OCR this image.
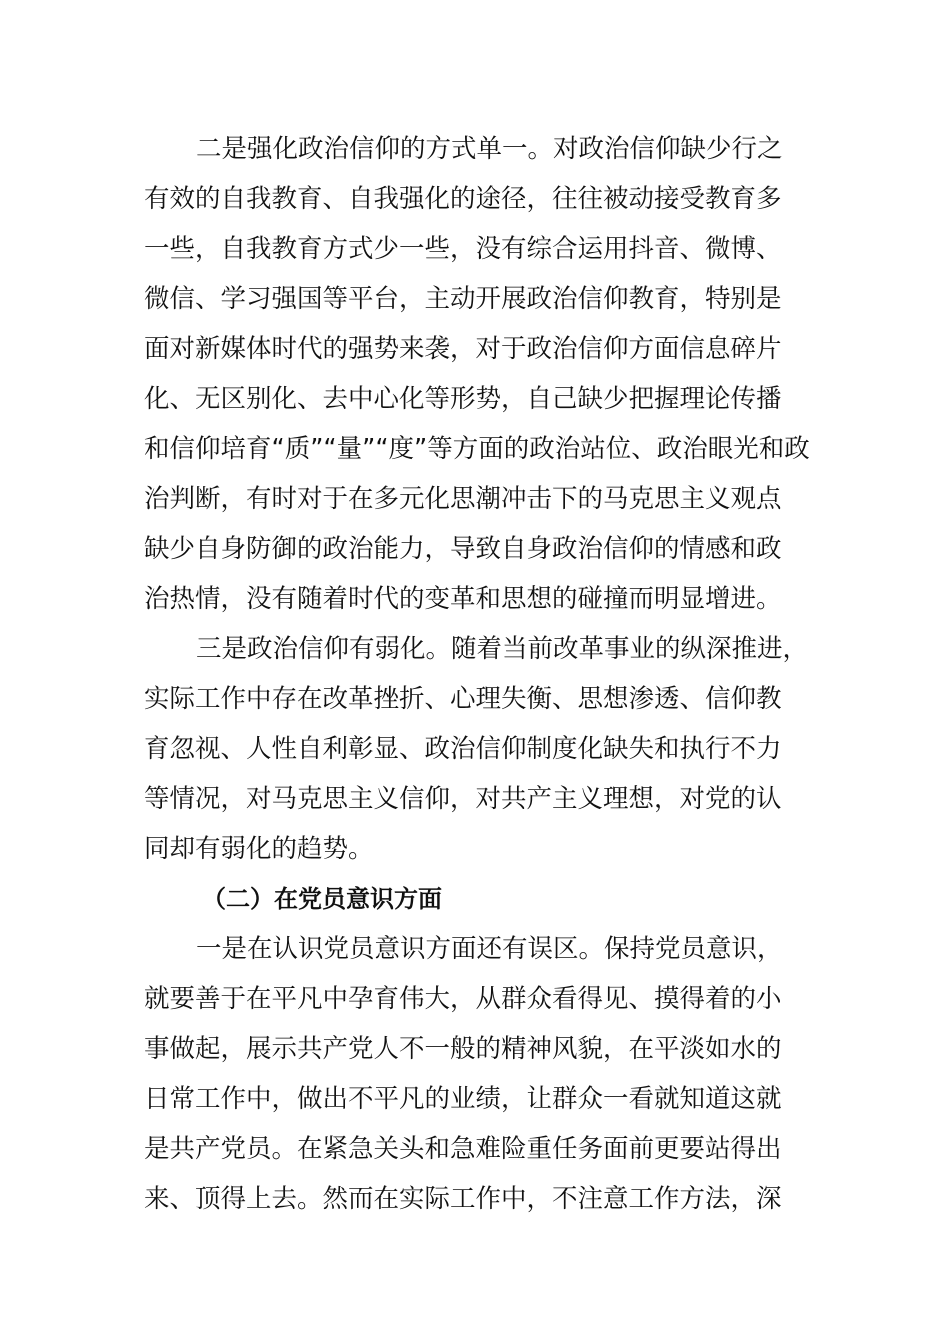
二是强化政治信仰的方式单一。对政治信仰缺少行之
有效的自我教育、自我强化的途径，往往被动接受教育多
一些，自我教育方式少一些，没有综合运用抖音、微博、
微信、学习强国等平台，主动开展政治信仰教育，特别是
面对新媒体时代的强势来袭，对于政治信仰方面信息碎片
化、无区别化、去中心化等形势，自己缺少把握理论传播
和信仰培育“质”“量”“度”等方面的政治站位、政治眼光和政
治判断，有时对于在多元化思潮冲击下的马克思主义观点
缺少自身防御的政治能力，导致自身政治信仰的情感和政
治热情，没有随着时代的变革和思想的碰撞而明显增进。
三是政治信仰有弱化。随着当前改革事业的纵深推进，
实际工作中存在改革挫折、心理失衡、思想渗透、信仰教
育忽视、人性自利彰显、政治信仰制度化缺失和执行不力
等情况，对马克思主义信仰，对共产主义理想，对党的认
同却有弱化的趋势。
（二）在党员意识方面
一是在认识党员意识方面还有误区。保持党员意识，
就要善于在平凡中孕育伟大，从群众看得见、摸得着的小
事做起，展示共产党人不一般的精神风貌，在平淡如水的
日常工作中，做出不平凡的业绩，让群众一看就知道这就
是共产党员。在紧急关头和急难险重任务面前更要站得出
来、顶得上去。然而在实际工作中，不注意工作方法，深
